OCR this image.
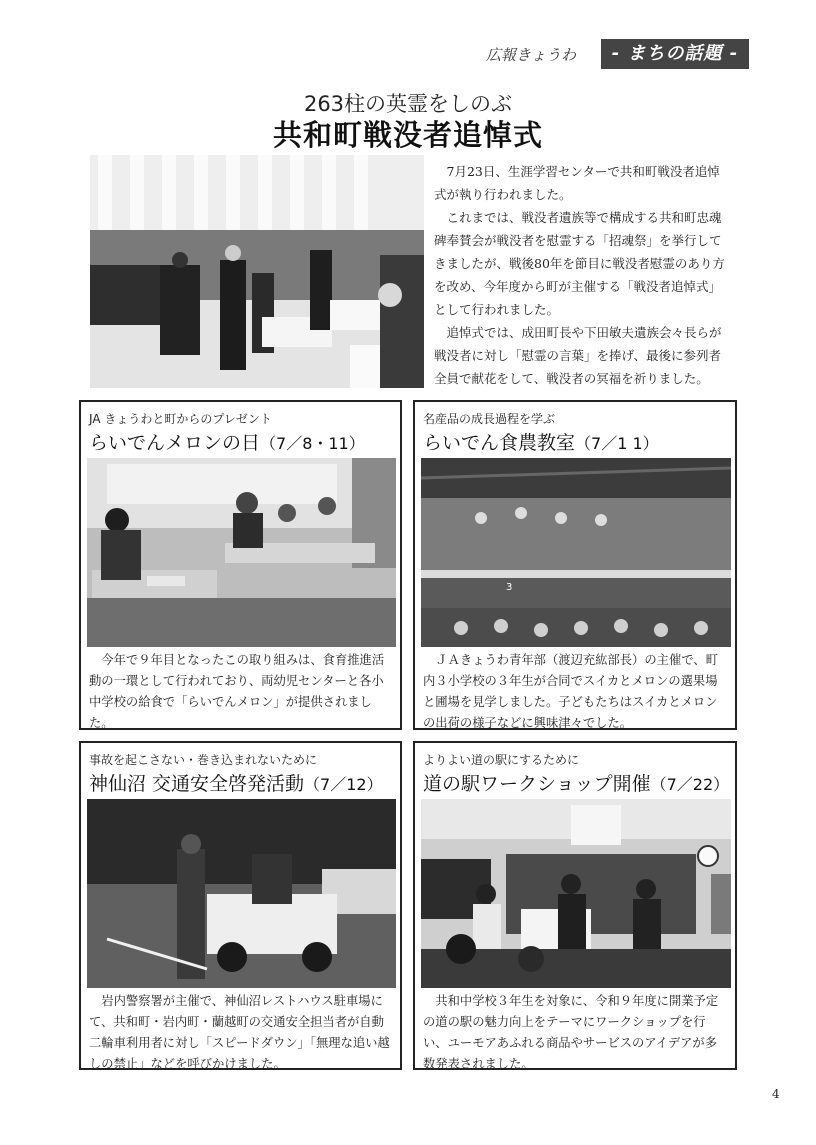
広報きょうわ	- まちの話題 -
263柱の英霊をしのぶ
共和町戦没者追悼式

7月23日、生涯学習センターで共和町戦没者追悼式が執り行われました。

これまでは、戦没者遺族等で構成する共和町忠魂碑奉賛会が戦没者を慰霊する「招魂祭」を挙行してきましたが、戦後80年を節目に戦没者慰霊のあり方を改め、今年度から町が主催する「戦没者追悼式」として行われました。

追悼式では、成田町長や下田敏夫遺族会々長らが戦没者に対し「慰霊の言葉」を捧げ、最後に参列者全員で献花をして、戦没者の冥福を祈りました。

JA きょうわと町からのプレゼント
らいでんメロンの日（7／8・11）
今年で９年目となったこの取り組みは、食育推進活動の一環として行われており、両幼児センターと各小中学校の給食で「らいでんメロン」が提供されました。
名産品の成長過程を学ぶ
らいでん食農教室（7／1 1）
3
ＪＡきょうわ青年部（渡辺充紘部長）の主催で、町内３小学校の３年生が合同でスイカとメロンの選果場と圃場を見学しました。子どもたちはスイカとメロンの出荷の様子などに興味津々でした。
事故を起こさない・巻き込まれないために
神仙沼 交通安全啓発活動（7／12）
岩内警察署が主催で、神仙沼レストハウス駐車場にて、共和町・岩内町・蘭越町の交通安全担当者が自動二輪車利用者に対し「スピードダウン」「無理な追い越しの禁止」などを呼びかけました。
よりよい道の駅にするために
道の駅ワークショップ開催（7／22）
共和中学校３年生を対象に、令和９年度に開業予定の道の駅の魅力向上をテーマにワークショップを行い、ユーモアあふれる商品やサービスのアイデアが多数発表されました。
4
